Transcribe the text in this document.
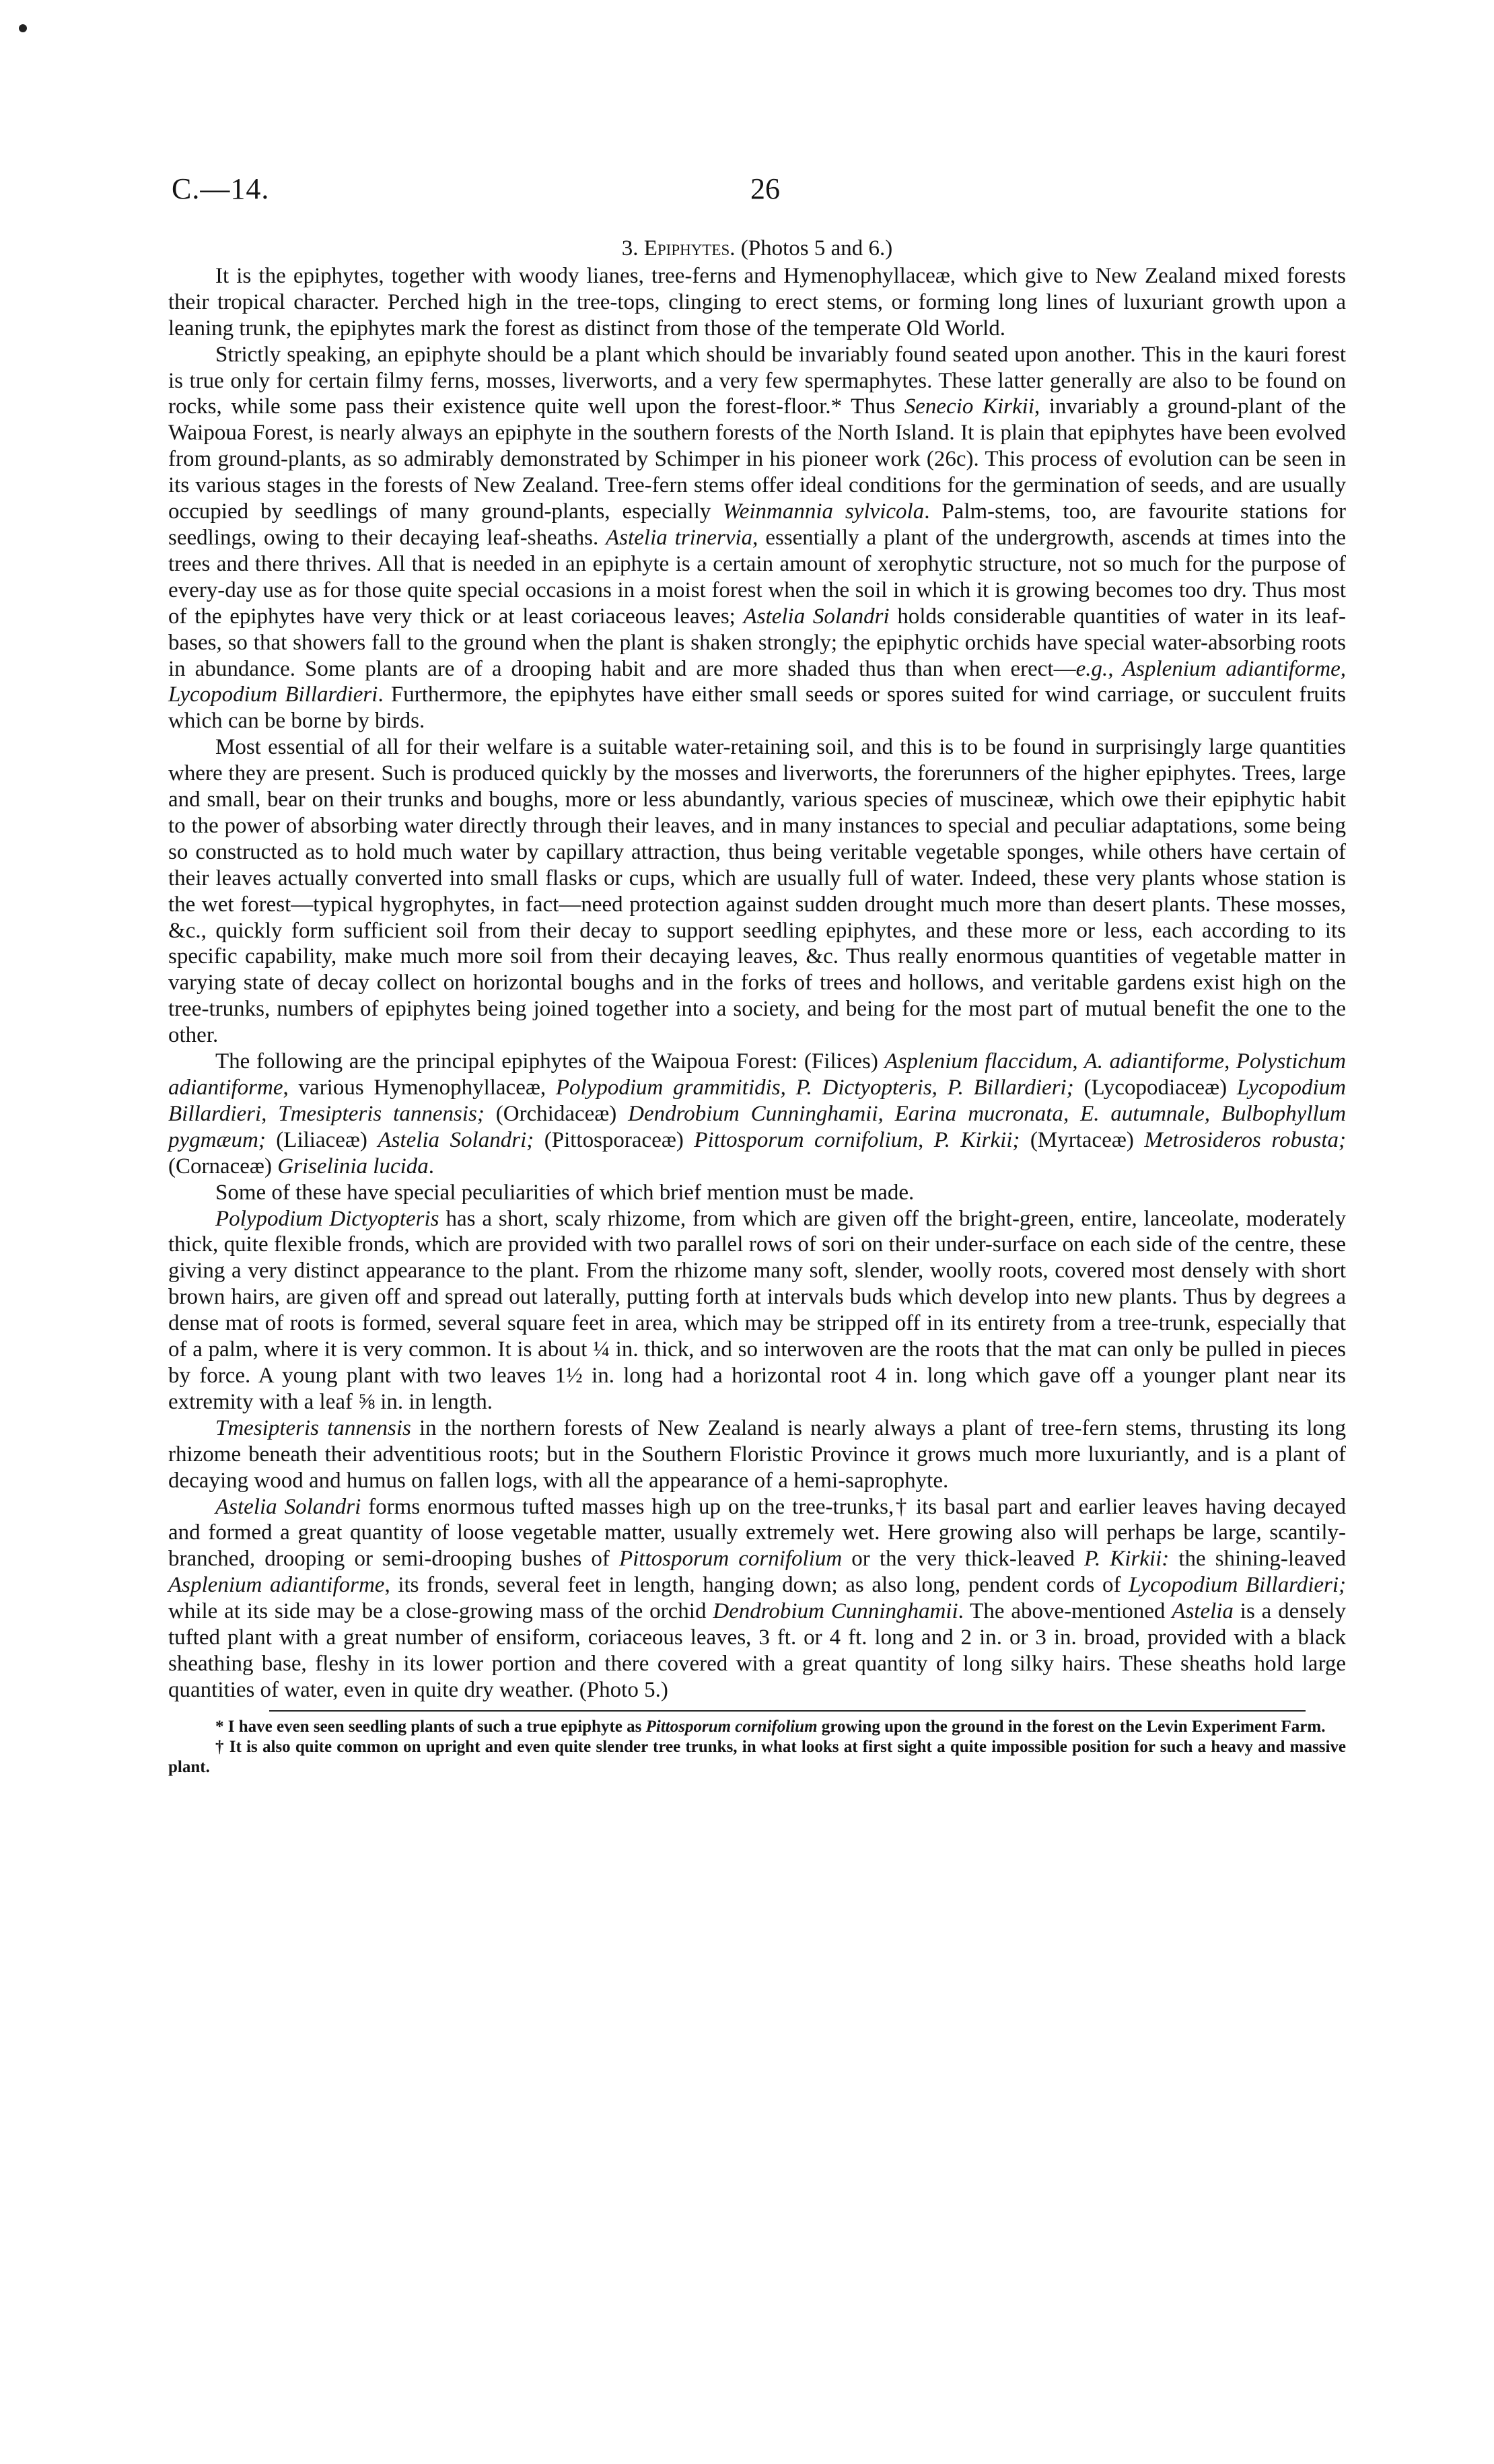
C.—14.	26
3. Epiphytes. (Photos 5 and 6.)

It is the epiphytes, together with woody lianes, tree-ferns and Hymenophyllaceæ, which give to New Zealand mixed forests their tropical character. Perched high in the tree-tops, clinging to erect stems, or forming long lines of luxuriant growth upon a leaning trunk, the epiphytes mark the forest as distinct from those of the temperate Old World.

Strictly speaking, an epiphyte should be a plant which should be invariably found seated upon another. This in the kauri forest is true only for certain filmy ferns, mosses, liverworts, and a very few spermaphytes. These latter generally are also to be found on rocks, while some pass their existence quite well upon the forest-floor.* Thus Senecio Kirkii, invariably a ground-plant of the Waipoua Forest, is nearly always an epiphyte in the southern forests of the North Island. It is plain that epiphytes have been evolved from ground-plants, as so admirably demonstrated by Schimper in his pioneer work (26c). This process of evolution can be seen in its various stages in the forests of New Zealand. Tree-fern stems offer ideal conditions for the germination of seeds, and are usually occupied by seedlings of many ground-plants, especially Weinmannia sylvicola. Palm-stems, too, are favourite stations for seedlings, owing to their decaying leaf-sheaths. Astelia trinervia, essentially a plant of the undergrowth, ascends at times into the trees and there thrives. All that is needed in an epiphyte is a certain amount of xerophytic structure, not so much for the purpose of every-day use as for those quite special occasions in a moist forest when the soil in which it is growing becomes too dry. Thus most of the epiphytes have very thick or at least coriaceous leaves; Astelia Solandri holds considerable quantities of water in its leaf-bases, so that showers fall to the ground when the plant is shaken strongly; the epiphytic orchids have special water-absorbing roots in abundance. Some plants are of a drooping habit and are more shaded thus than when erect—e.g., Asplenium adiantiforme, Lycopodium Billardieri. Furthermore, the epiphytes have either small seeds or spores suited for wind carriage, or succulent fruits which can be borne by birds.

Most essential of all for their welfare is a suitable water-retaining soil, and this is to be found in surprisingly large quantities where they are present. Such is produced quickly by the mosses and liverworts, the forerunners of the higher epiphytes. Trees, large and small, bear on their trunks and boughs, more or less abundantly, various species of muscineæ, which owe their epiphytic habit to the power of absorbing water directly through their leaves, and in many instances to special and peculiar adaptations, some being so constructed as to hold much water by capillary attraction, thus being veritable vegetable sponges, while others have certain of their leaves actually converted into small flasks or cups, which are usually full of water. Indeed, these very plants whose station is the wet forest—typical hygrophytes, in fact—need protection against sudden drought much more than desert plants. These mosses, &c., quickly form sufficient soil from their decay to support seedling epiphytes, and these more or less, each according to its specific capability, make much more soil from their decaying leaves, &c. Thus really enormous quantities of vegetable matter in varying state of decay collect on horizontal boughs and in the forks of trees and hollows, and veritable gardens exist high on the tree-trunks, numbers of epiphytes being joined together into a society, and being for the most part of mutual benefit the one to the other.

The following are the principal epiphytes of the Waipoua Forest: (Filices) Asplenium flaccidum, A. adiantiforme, Polystichum adiantiforme, various Hymenophyllaceæ, Polypodium grammitidis, P. Dictyopteris, P. Billardieri; (Lycopodiaceæ) Lycopodium Billardieri, Tmesipteris tannensis; (Orchidaceæ) Dendrobium Cunninghamii, Earina mucronata, E. autumnale, Bulbophyllum pygmæum; (Liliaceæ) Astelia Solandri; (Pittosporaceæ) Pittosporum cornifolium, P. Kirkii; (Myrtaceæ) Metrosideros robusta; (Cornaceæ) Griselinia lucida.

Some of these have special peculiarities of which brief mention must be made.

Polypodium Dictyopteris has a short, scaly rhizome, from which are given off the bright-green, entire, lanceolate, moderately thick, quite flexible fronds, which are provided with two parallel rows of sori on their under-surface on each side of the centre, these giving a very distinct appearance to the plant. From the rhizome many soft, slender, woolly roots, covered most densely with short brown hairs, are given off and spread out laterally, putting forth at intervals buds which develop into new plants. Thus by degrees a dense mat of roots is formed, several square feet in area, which may be stripped off in its entirety from a tree-trunk, especially that of a palm, where it is very common. It is about ¼ in. thick, and so interwoven are the roots that the mat can only be pulled in pieces by force. A young plant with two leaves 1½ in. long had a horizontal root 4 in. long which gave off a younger plant near its extremity with a leaf ⅝ in. in length.

Tmesipteris tannensis in the northern forests of New Zealand is nearly always a plant of tree-fern stems, thrusting its long rhizome beneath their adventitious roots; but in the Southern Floristic Province it grows much more luxuriantly, and is a plant of decaying wood and humus on fallen logs, with all the appearance of a hemi-saprophyte.

Astelia Solandri forms enormous tufted masses high up on the tree-trunks,† its basal part and earlier leaves having decayed and formed a great quantity of loose vegetable matter, usually extremely wet. Here growing also will perhaps be large, scantily-branched, drooping or semi-drooping bushes of Pittosporum cornifolium or the very thick-leaved P. Kirkii: the shining-leaved Asplenium adiantiforme, its fronds, several feet in length, hanging down; as also long, pendent cords of Lycopodium Billardieri; while at its side may be a close-growing mass of the orchid Dendrobium Cunninghamii. The above-mentioned Astelia is a densely tufted plant with a great number of ensiform, coriaceous leaves, 3 ft. or 4 ft. long and 2 in. or 3 in. broad, provided with a black sheathing base, fleshy in its lower portion and there covered with a great quantity of long silky hairs. These sheaths hold large quantities of water, even in quite dry weather. (Photo 5.)

* I have even seen seedling plants of such a true epiphyte as Pittosporum cornifolium growing upon the ground in the forest on the Levin Experiment Farm.

† It is also quite common on upright and even quite slender tree trunks, in what looks at first sight a quite impossible position for such a heavy and massive plant.
